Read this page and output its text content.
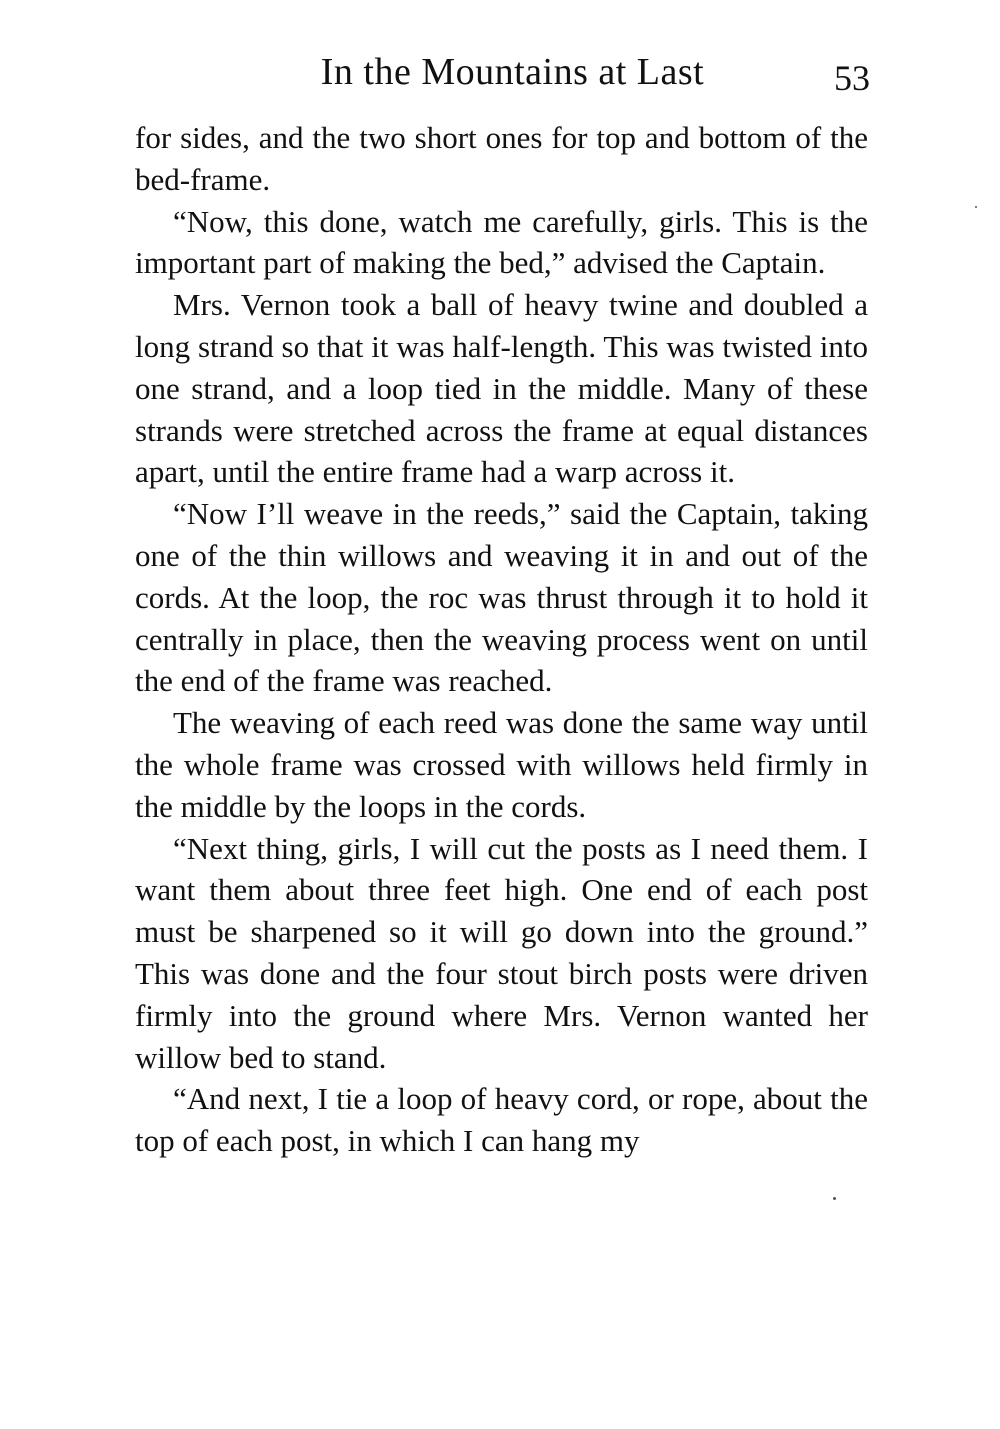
In the Mountains at Last	53

for sides, and the two short ones for top and bottom of the bed-frame.

“Now, this done, watch me carefully, girls. This is the important part of making the bed,” advised the Captain.

Mrs. Vernon took a ball of heavy twine and doubled a long strand so that it was half-length. This was twisted into one strand, and a loop tied in the middle. Many of these strands were stretched across the frame at equal distances apart, until the entire frame had a warp across it.

“Now I’ll weave in the reeds,” said the Captain, taking one of the thin willows and weaving it in and out of the cords. At the loop, the roc was thrust through it to hold it centrally in place, then the weaving process went on until the end of the frame was reached.

The weaving of each reed was done the same way until the whole frame was crossed with willows held firmly in the middle by the loops in the cords.

“Next thing, girls, I will cut the posts as I need them. I want them about three feet high. One end of each post must be sharpened so it will go down into the ground.” This was done and the four stout birch posts were driven firmly into the ground where Mrs. Vernon wanted her willow bed to stand.

“And next, I tie a loop of heavy cord, or rope, about the top of each post, in which I can hang my
